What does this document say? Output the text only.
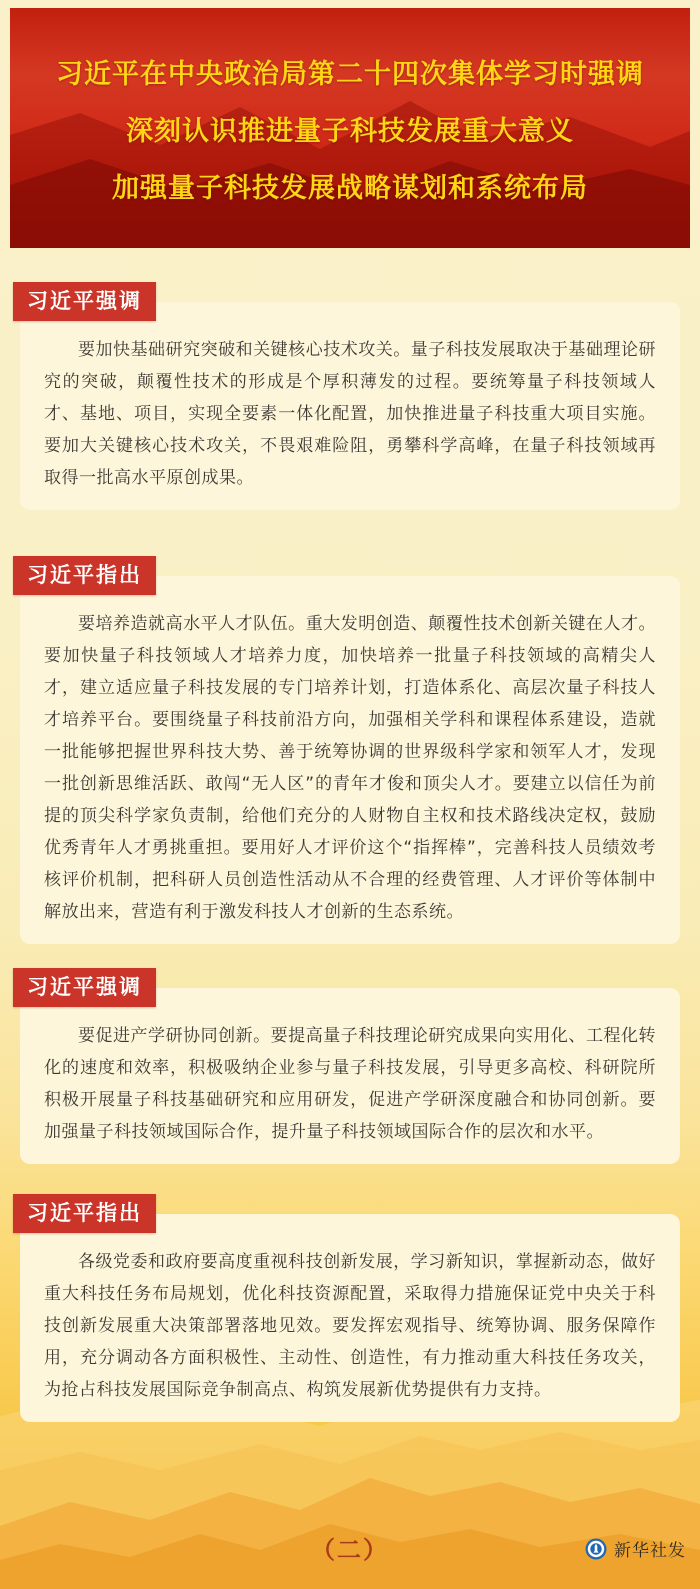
习近平在中央政治局第二十四次集体学习时强调
深刻认识推进量子科技发展重大意义
加强量子科技发展战略谋划和系统布局
习近平强调

要加快基础研究突破和关键核心技术攻关。量子科技发展取决于基础理论研究的突破，颠覆性技术的形成是个厚积薄发的过程。要统筹量子科技领域人才、基地、项目，实现全要素一体化配置，加快推进量子科技重大项目实施。要加大关键核心技术攻关，不畏艰难险阻，勇攀科学高峰，在量子科技领域再取得一批高水平原创成果。

习近平指出

要培养造就高水平人才队伍。重大发明创造、颠覆性技术创新关键在人才。要加快量子科技领域人才培养力度，加快培养一批量子科技领域的高精尖人才，建立适应量子科技发展的专门培养计划，打造体系化、高层次量子科技人才培养平台。要围绕量子科技前沿方向，加强相关学科和课程体系建设，造就一批能够把握世界科技大势、善于统筹协调的世界级科学家和领军人才，发现一批创新思维活跃、敢闯“无人区”的青年才俊和顶尖人才。要建立以信任为前提的顶尖科学家负责制，给他们充分的人财物自主权和技术路线决定权，鼓励优秀青年人才勇挑重担。要用好人才评价这个“指挥棒”，完善科技人员绩效考核评价机制，把科研人员创造性活动从不合理的经费管理、人才评价等体制中解放出来，营造有利于激发科技人才创新的生态系统。

习近平强调

要促进产学研协同创新。要提高量子科技理论研究成果向实用化、工程化转化的速度和效率，积极吸纳企业参与量子科技发展，引导更多高校、科研院所积极开展量子科技基础研究和应用研发，促进产学研深度融合和协同创新。要加强量子科技领域国际合作，提升量子科技领域国际合作的层次和水平。

习近平指出

各级党委和政府要高度重视科技创新发展，学习新知识，掌握新动态，做好重大科技任务布局规划，优化科技资源配置，采取得力措施保证党中央关于科技创新发展重大决策部署落地见效。要发挥宏观指导、统筹协调、服务保障作用，充分调动各方面积极性、主动性、创造性，有力推动重大科技任务攻关，为抢占科技发展国际竞争制高点、构筑发展新优势提供有力支持。

（二）	新华社发
